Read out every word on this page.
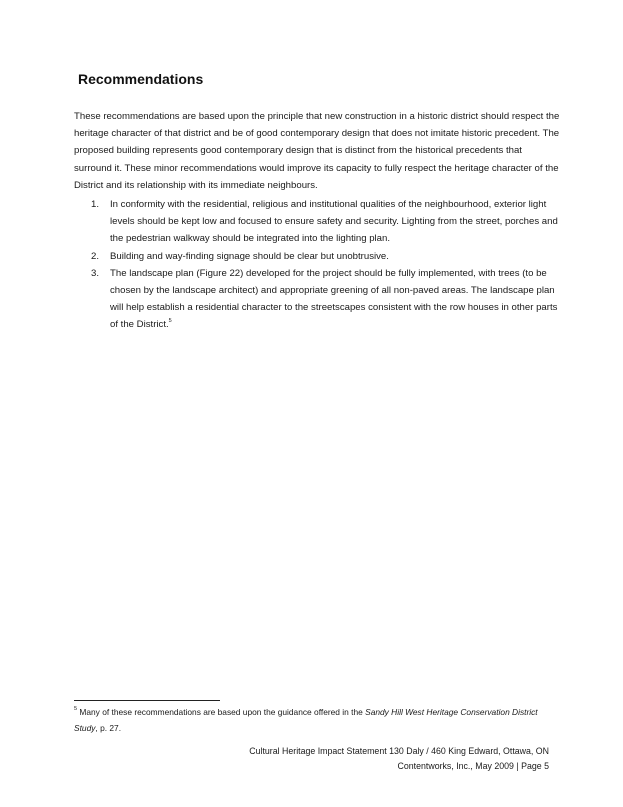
Recommendations

These recommendations are based upon the principle that new construction in a historic district should respect the heritage character of that district and be of good contemporary design that does not imitate historic precedent. The proposed building represents good contemporary design that is distinct from the historical precedents that surround it. These minor recommendations would improve its capacity to fully respect the heritage character of the District and its relationship with its immediate neighbours.

1. In conformity with the residential, religious and institutional qualities of the neighbourhood, exterior light levels should be kept low and focused to ensure safety and security. Lighting from the street, porches and the pedestrian walkway should be integrated into the lighting plan.
2. Building and way-finding signage should be clear but unobtrusive.
3. The landscape plan (Figure 22) developed for the project should be fully implemented, with trees (to be chosen by the landscape architect) and appropriate greening of all non-paved areas. The landscape plan will help establish a residential character to the streetscapes consistent with the row houses in other parts of the District.$^5$

$^5$ Many of these recommendations are based upon the guidance offered in the Sandy Hill West Heritage Conservation District Study, p. 27.

Cultural Heritage Impact Statement 130 Daly / 460 King Edward, Ottawa, ON
Contentworks, Inc., May 2009 | Page 5
